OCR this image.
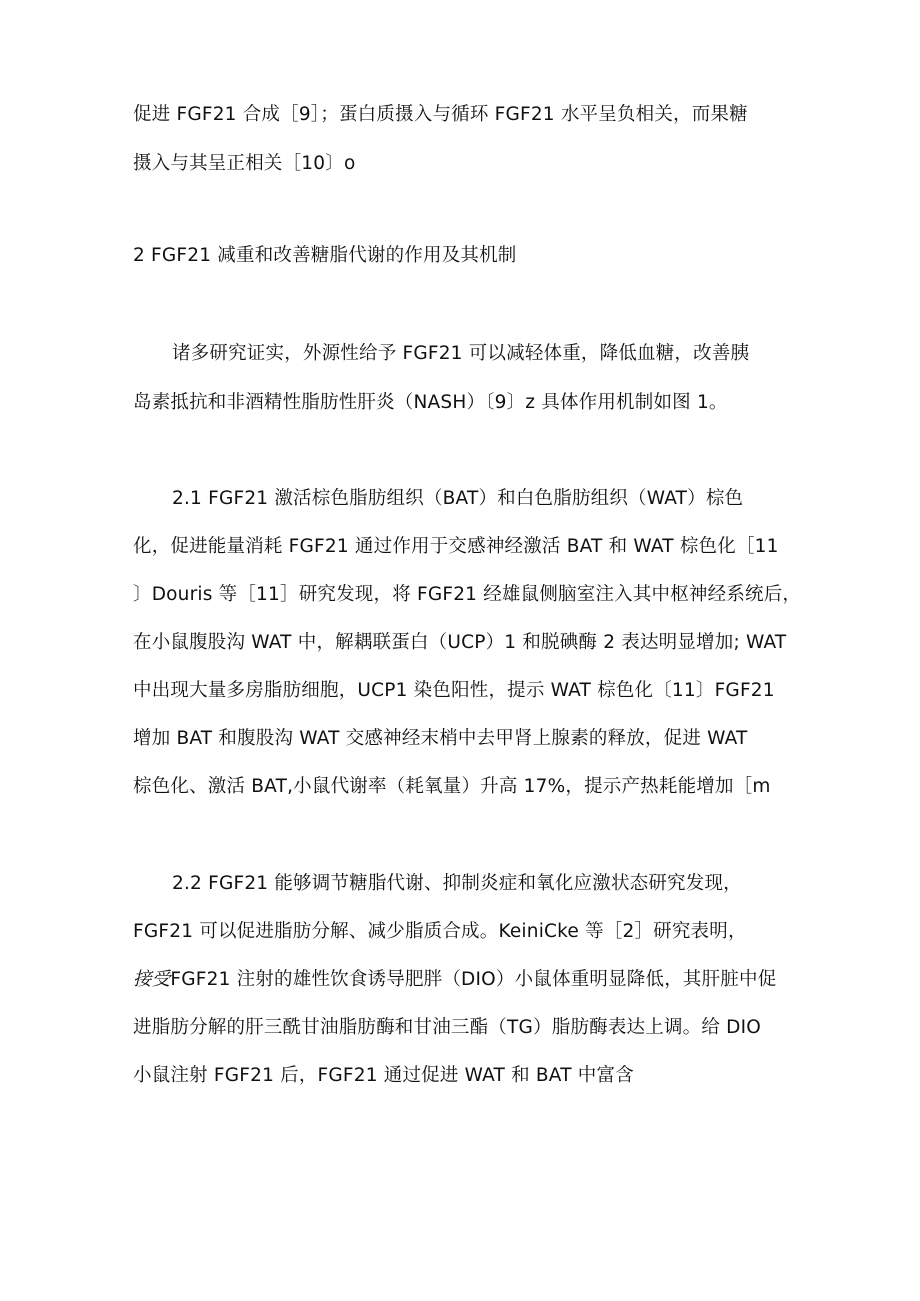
促进 FGF21 合成［9］；蛋白质摄入与循环 FGF21 水平呈负相关，而果糖
摄入与其呈正相关［10〕o
2 FGF21 减重和改善糖脂代谢的作用及其机制
诸多研究证实，外源性给予 FGF21 可以减轻体重，降低血糖，改善胰
岛素抵抗和非酒精性脂肪性肝炎（NASH）〔9〕z 具体作用机制如图 1。
2.1 FGF21 激活棕色脂肪组织（BAT）和白色脂肪组织（WAT）棕色
化，促进能量消耗 FGF21 通过作用于交感神经激活 BAT 和 WAT 棕色化［11
〕Douris 等［11］研究发现，将 FGF21 经雄鼠侧脑室注入其中枢神经系统后，
在小鼠腹股沟 WAT 中，解耦联蛋白（UCP）1 和脱碘酶 2 表达明显增加; WAT
中出现大量多房脂肪细胞，UCP1 染色阳性，提示 WAT 棕色化〔11〕FGF21
增加 BAT 和腹股沟 WAT 交感神经末梢中去甲肾上腺素的释放，促进 WAT
棕色化、激活 BAT,小鼠代谢率（耗氧量）升高 17%，提示产热耗能增加［m
2.2 FGF21 能够调节糖脂代谢、抑制炎症和氧化应激状态研究发现，
FGF21 可以促进脂肪分解、减少脂质合成。KeiniCke 等［2］研究表明，
接受FGF21 注射的雄性饮食诱导肥胖（DIO）小鼠体重明显降低，其肝脏中促
进脂肪分解的肝三酰甘油脂肪酶和甘油三酯（TG）脂肪酶表达上调。给 DIO
小鼠注射 FGF21 后，FGF21 通过促进 WAT 和 BAT 中富含
